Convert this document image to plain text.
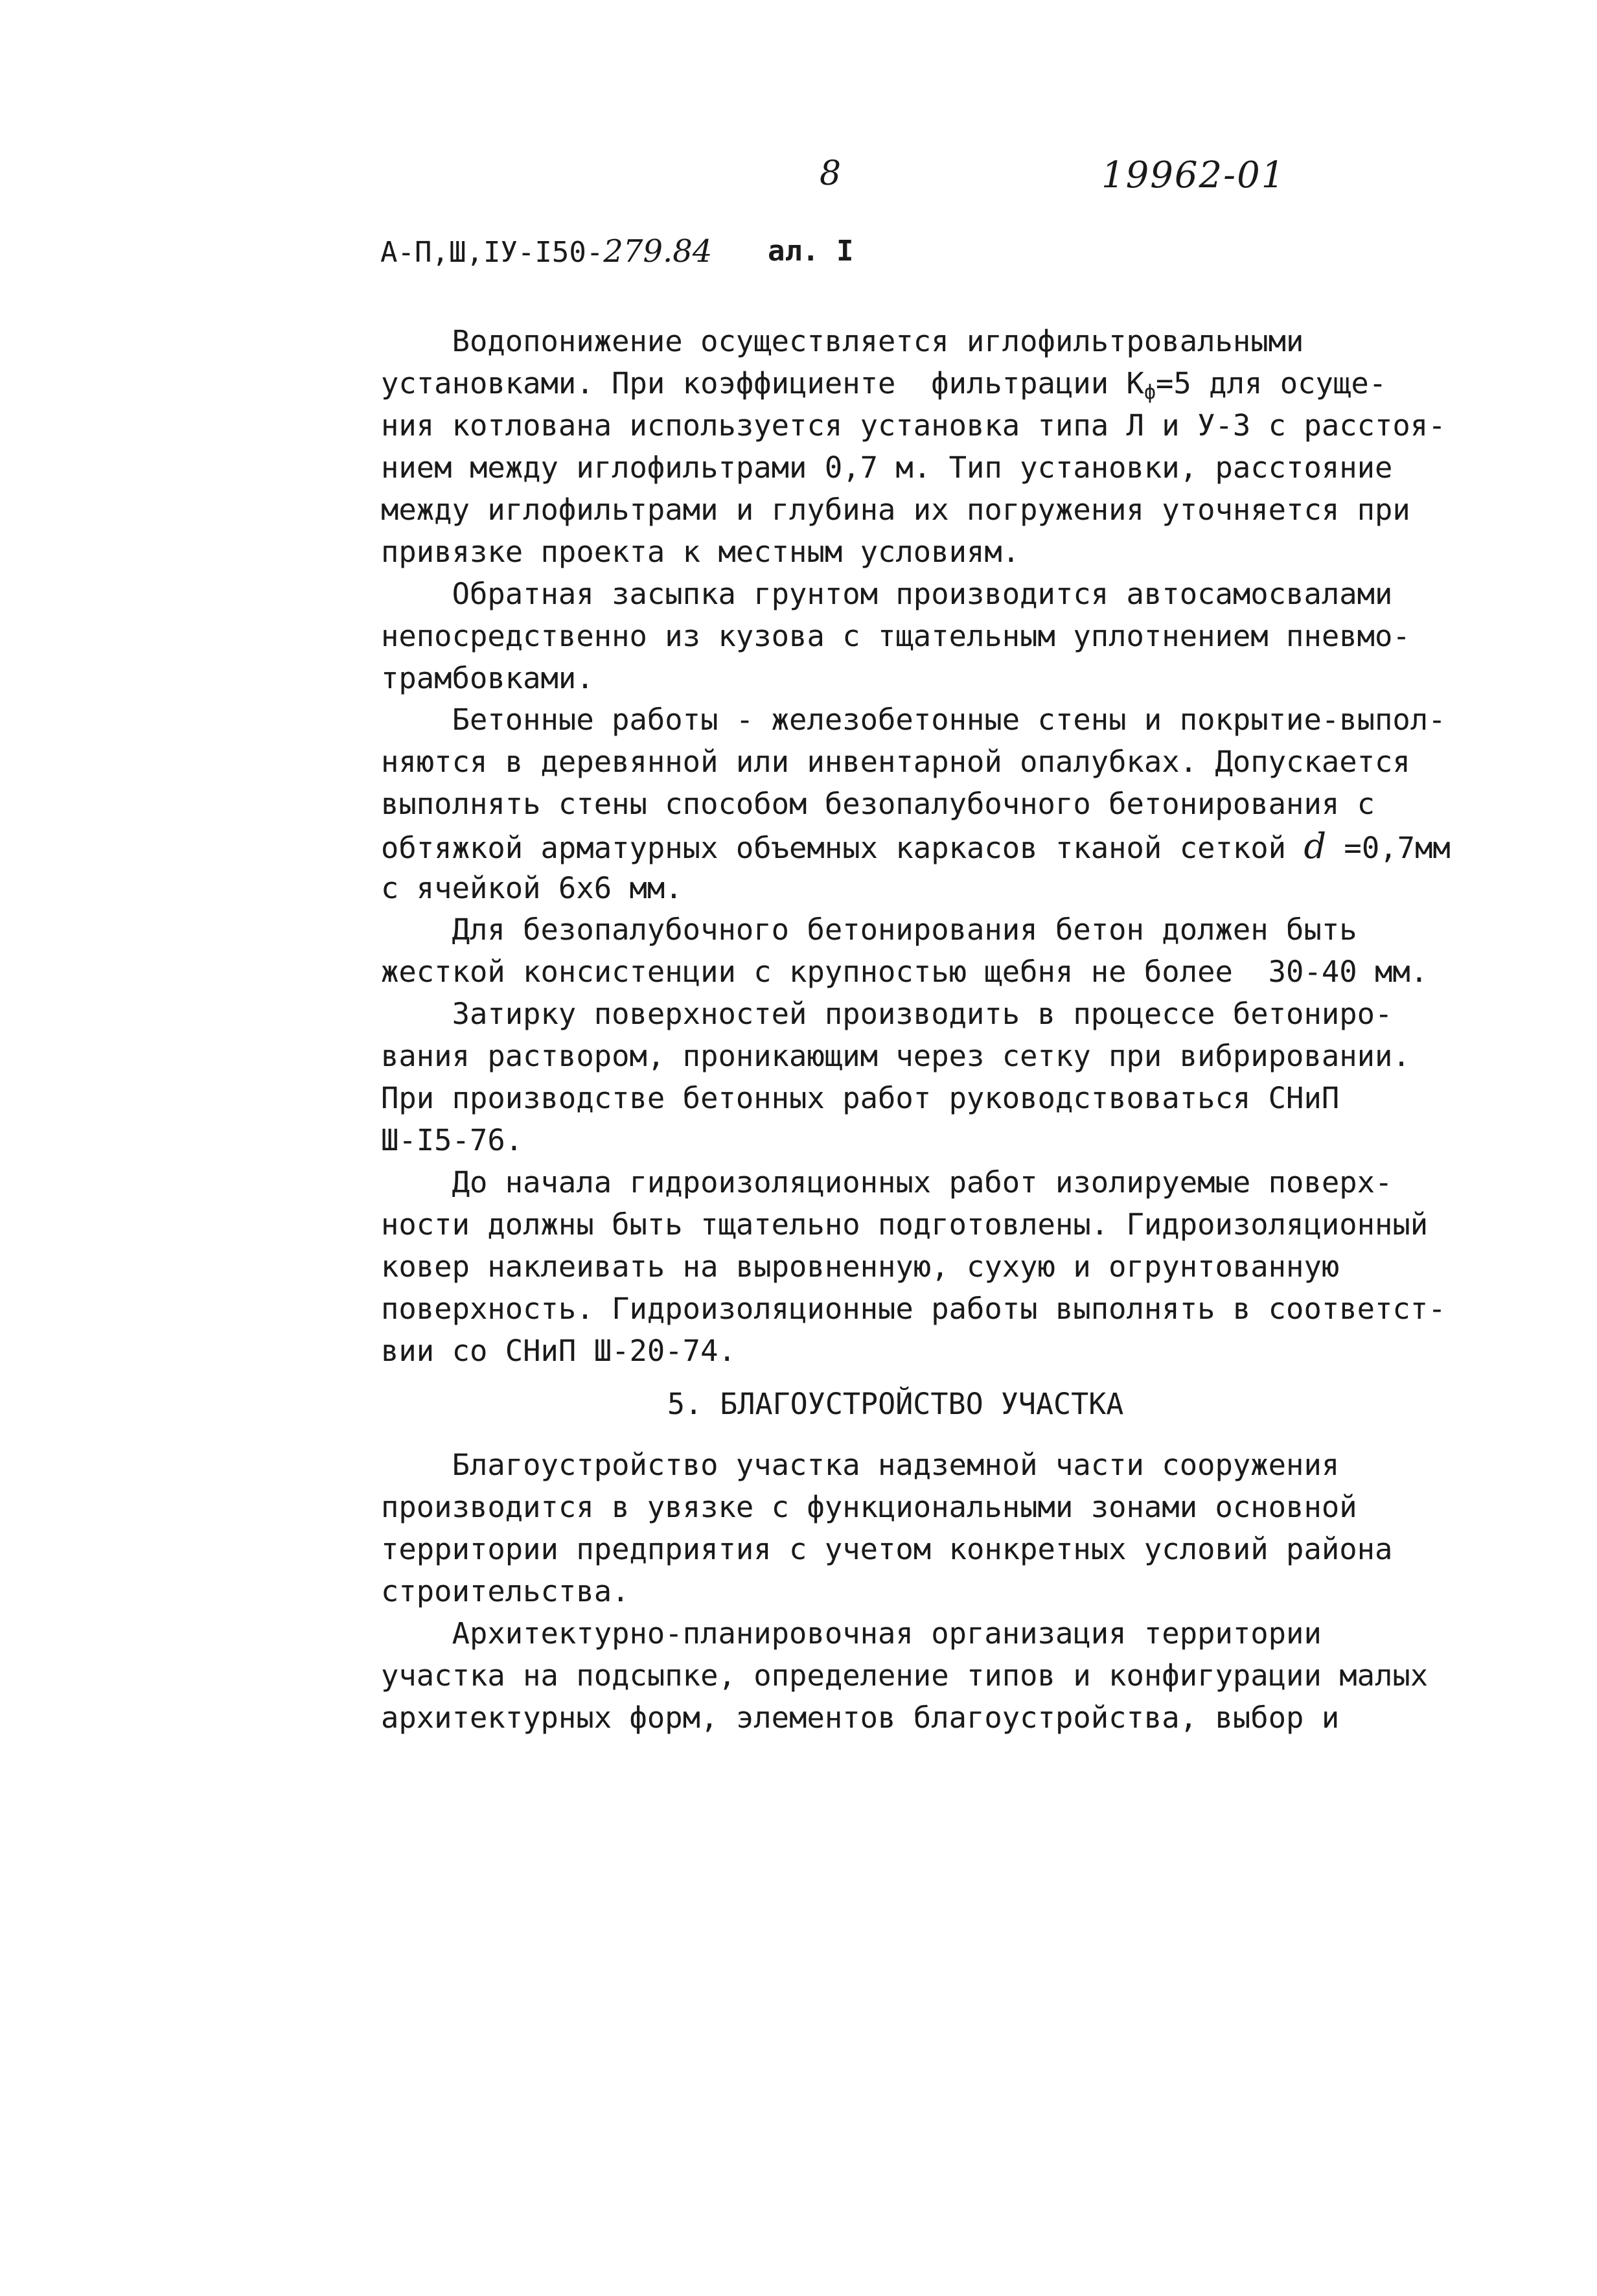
8	19962-01
А-П,Ш,IУ-I50-279.84 ал. I
Водопонижение осуществляется иглофильтровальными
установками. При коэффициенте  фильтрации $К_ф=5$ для осуще-
ния котлована используется установка типа Л и У-3 с расстоя-
нием между иглофильтрами 0,7 м. Тип установки, расстояние
между иглофильтрами и глубина их погружения уточняется при
привязке проекта к местным условиям.
Обратная засыпка грунтом производится автосамосвалами
непосредственно из кузова с тщательным уплотнением пневмо-
трамбовками.
Бетонные работы - железобетонные стены и покрытие-выпол-
няются в деревянной или инвентарной опалубках. Допускается
выполнять стены способом безопалубочного бетонирования с
обтяжкой арматурных объемных каркасов тканой сеткой d =0,7мм
с ячейкой 6х6 мм.
Для безопалубочного бетонирования бетон должен быть
жесткой консистенции с крупностью щебня не более  30-40 мм.
Затирку поверхностей производить в процессе бетониро-
вания раствором, проникающим через сетку при вибрировании.
При производстве бетонных работ руководствоваться СНиП
Ш-I5-76.
До начала гидроизоляционных работ изолируемые поверх-
ности должны быть тщательно подготовлены. Гидроизоляционный
ковер наклеивать на выровненную, сухую и огрунтованную
поверхность. Гидроизоляционные работы выполнять в соответст-
вии со СНиП Ш-20-74.
5. БЛАГОУСТРОЙСТВО УЧАСТКА
Благоустройство участка надземной части сооружения
производится в увязке с функциональными зонами основной
территории предприятия с учетом конкретных условий района
строительства.
Архитектурно-планировочная организация территории
участка на подсыпке, определение типов и конфигурации малых
архитектурных форм, элементов благоустройства, выбор и
